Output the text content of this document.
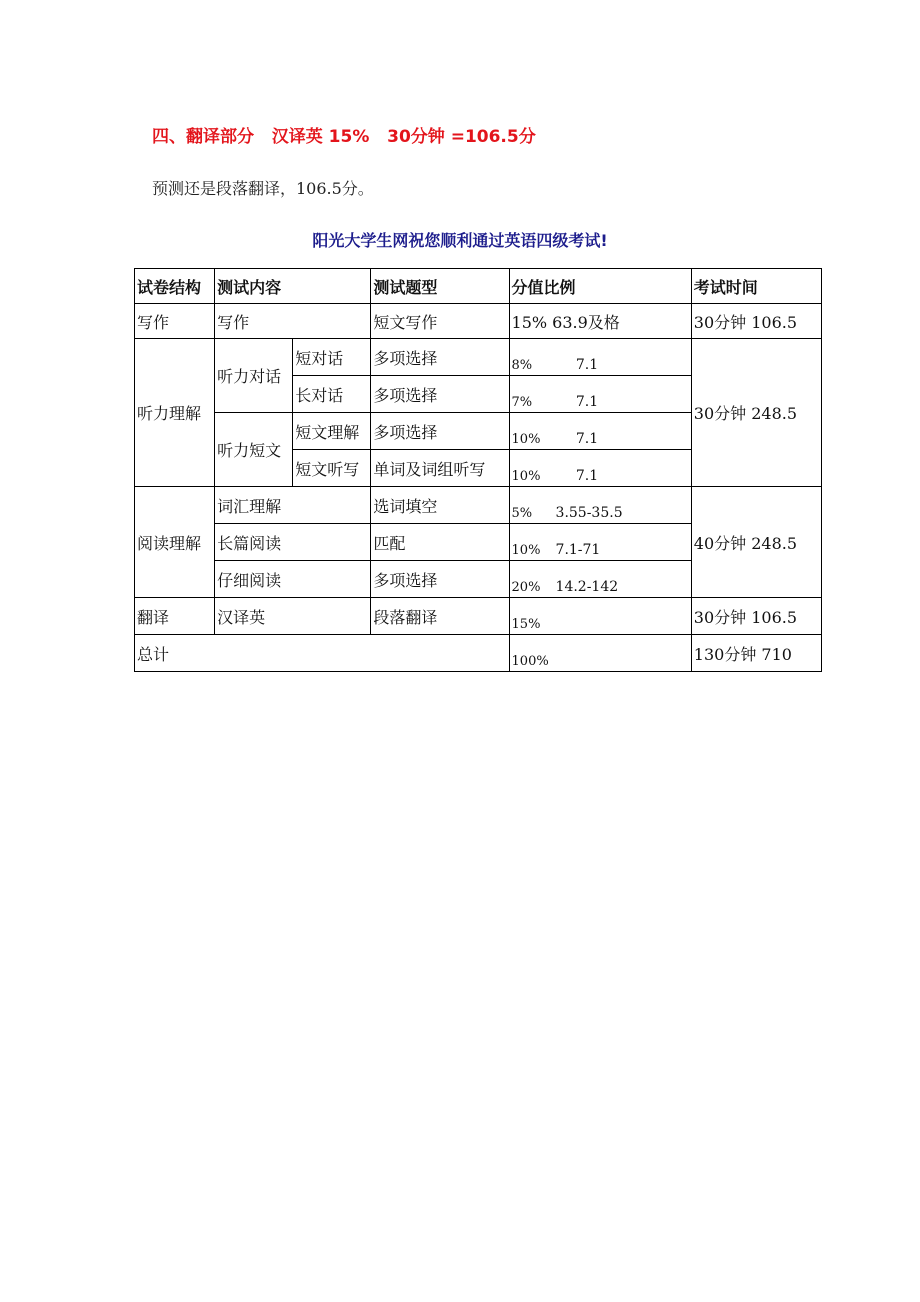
四、翻译部分   汉译英 15%   30分钟 =106.5分
预测还是段落翻译，106.5分。
阳光大学生网祝您顺利通过英语四级考试!
试卷结构	测试内容		测试题型	分值比例	考试时间
写作	写作		短文写作	15% 63.9及格	30分钟 106.5
听力理解	听力对话	短对话	多项选择	8% 7.1	30分钟 248.5
		长对话	多项选择	7% 7.1	
	听力短文	短文理解	多项选择	10% 7.1	
		短文听写	单词及词组听写	10% 7.1	
阅读理解	词汇理解		选词填空	5% 3.55-35.5	40分钟 248.5
	长篇阅读		匹配	10% 7.1-71	
	仔细阅读		多项选择	20% 14.2-142	
翻译	汉译英		段落翻译	15%	30分钟 106.5
总计				100%	130分钟 710
